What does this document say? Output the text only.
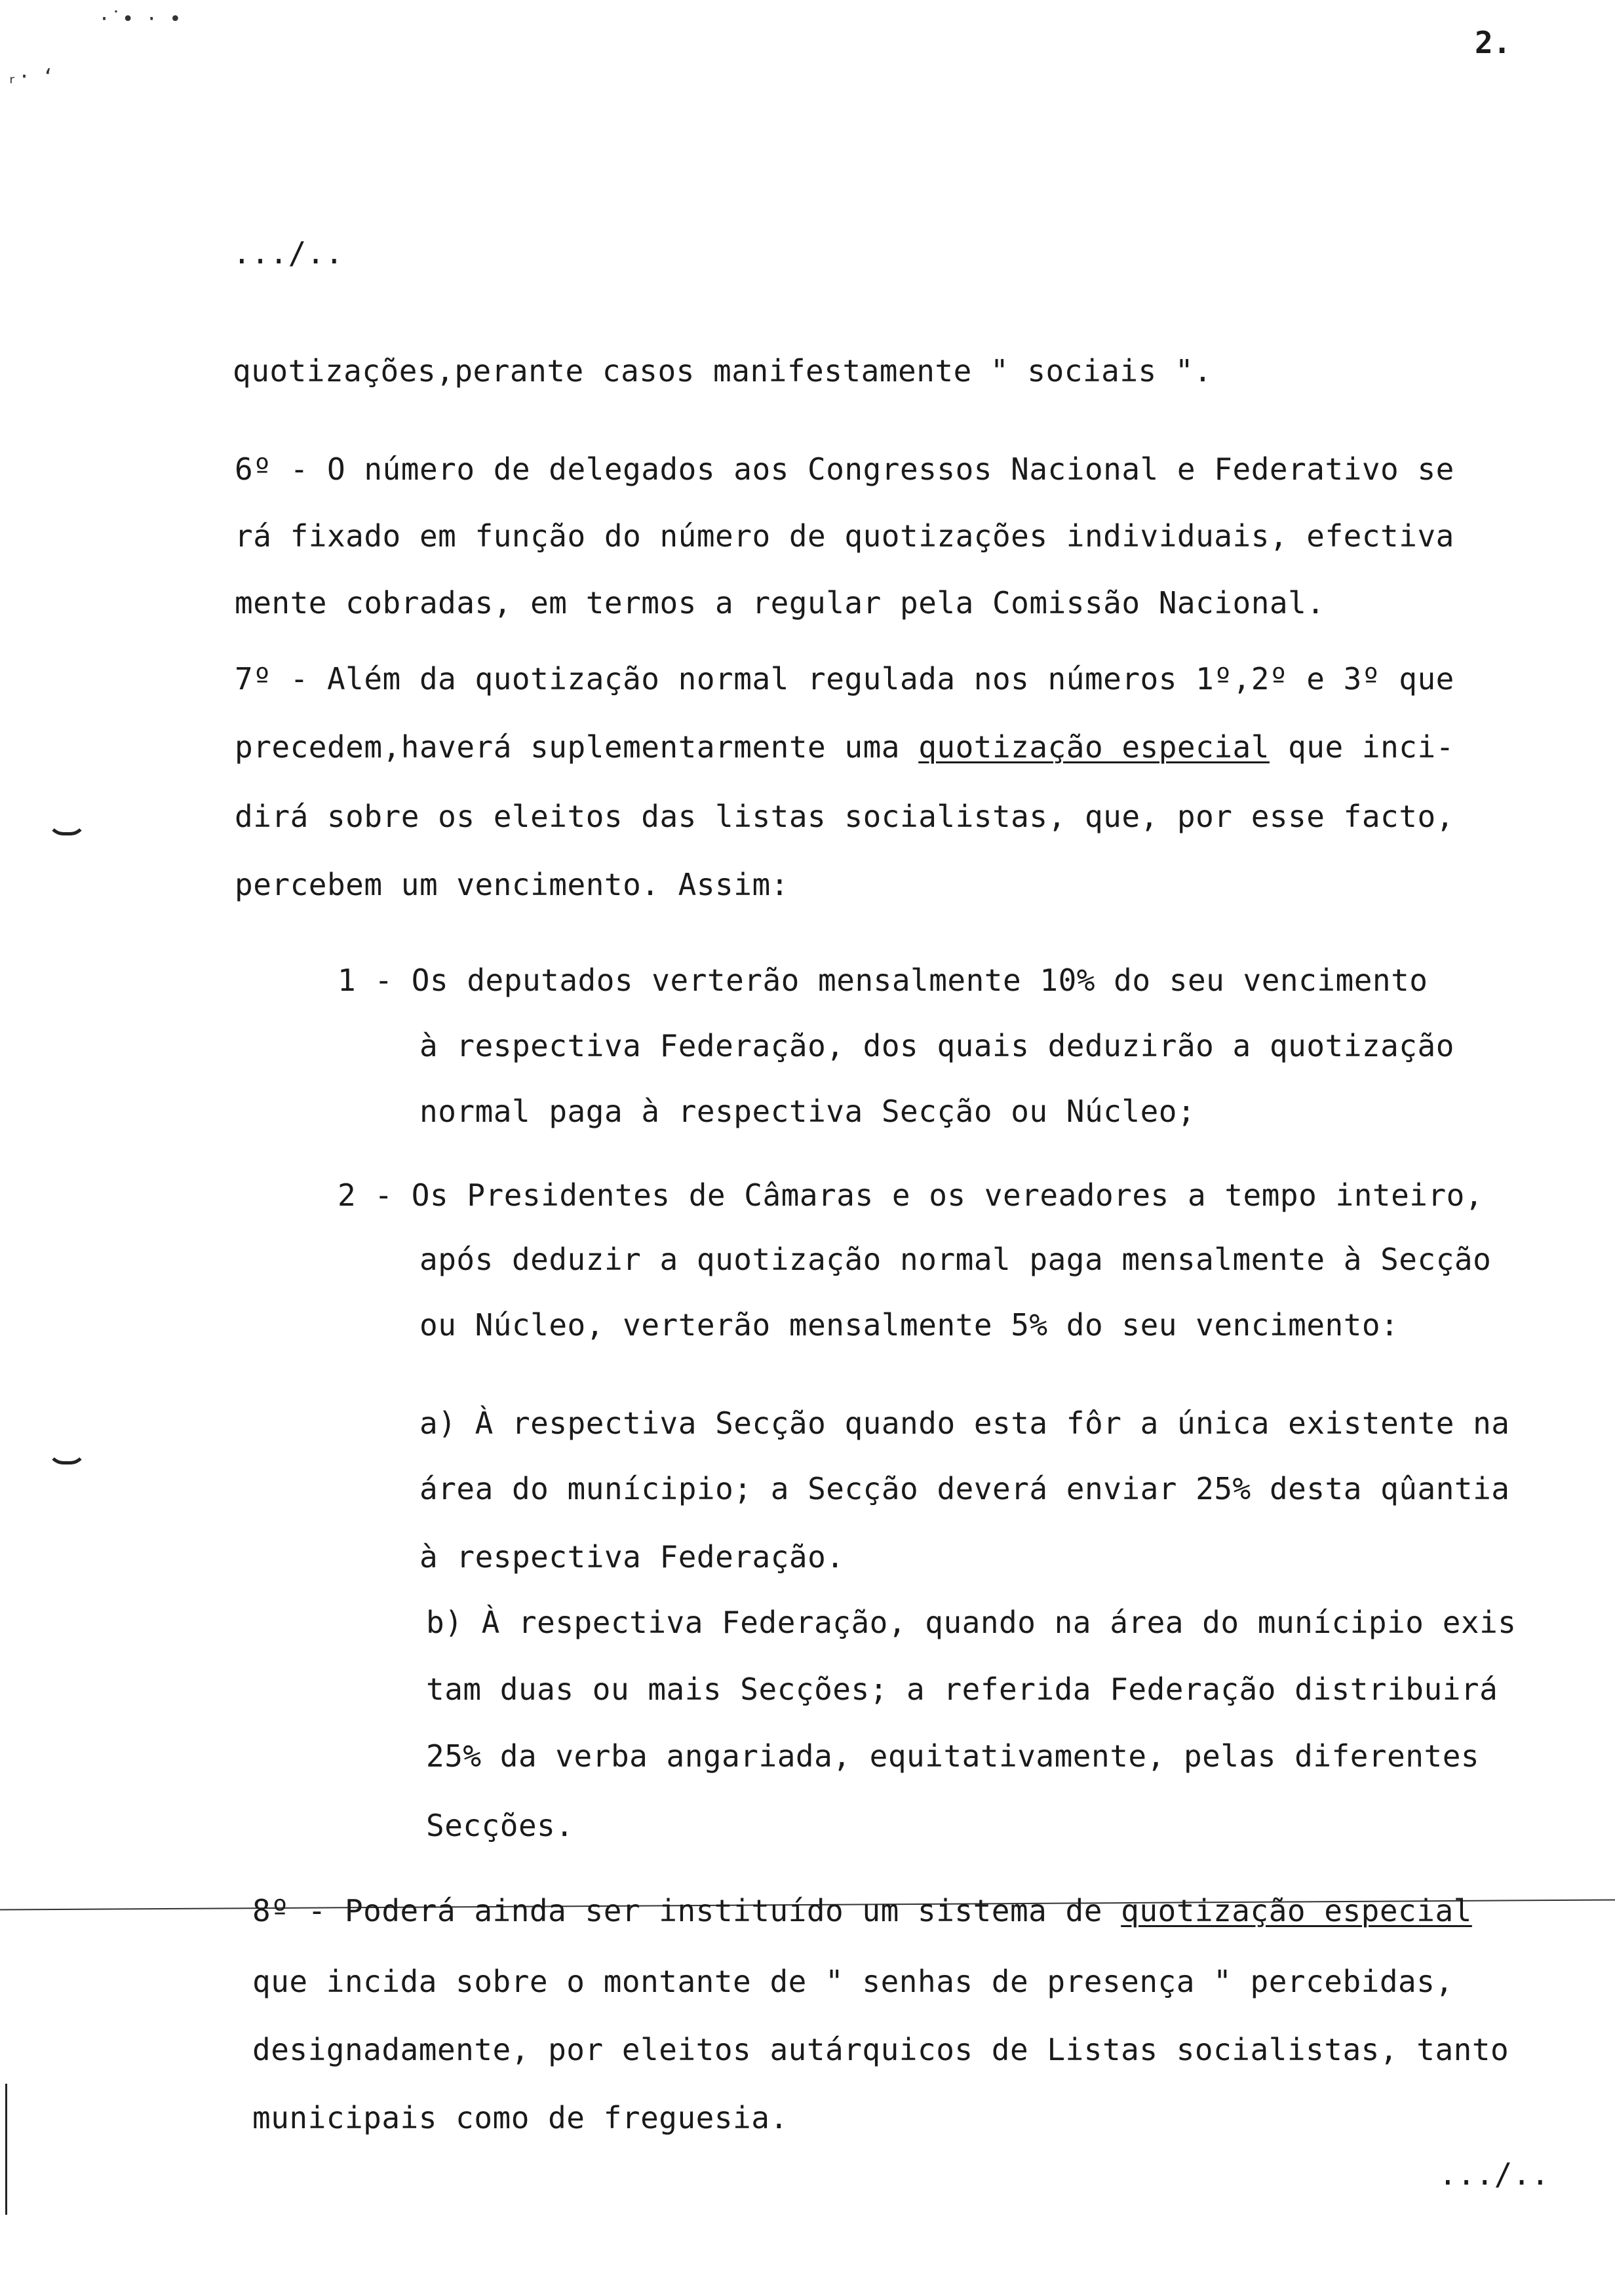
·˙• · •
ᵣ· ‘
2.
.../..
quotizações,perante casos manifestamente " sociais ".
6º - O número de delegados aos Congressos Nacional e Federativo se
rá fixado em função do número de quotizações individuais, efectiva
mente cobradas, em termos a regular pela Comissão Nacional.
7º - Além da quotização normal regulada nos números 1º,2º e 3º que
precedem,haverá suplementarmente uma quotização especial que inci-
dirá sobre os eleitos das listas socialistas, que, por esse facto,
percebem um vencimento. Assim:
1 - Os deputados verterão mensalmente 10% do seu vencimento
à respectiva Federação, dos quais deduzirão a quotização
normal paga à respectiva Secção ou Núcleo;
2 - Os Presidentes de Câmaras e os vereadores a tempo inteiro,
após deduzir a quotização normal paga mensalmente à Secção
ou Núcleo, verterão mensalmente 5% do seu vencimento:
a) À respectiva Secção quando esta fôr a única existente na
área do munícipio; a Secção deverá enviar 25% desta qûantia
à respectiva Federação.
b) À respectiva Federação, quando na área do munícipio exis
tam duas ou mais Secções; a referida Federação distribuirá
25% da verba angariada, equitativamente, pelas diferentes
Secções.
8º - Poderá ainda ser instituído um sistema de quotização especial
que incida sobre o montante de " senhas de presença " percebidas,
designadamente, por eleitos autárquicos de Listas socialistas, tanto
municipais como de freguesia.
.../..
